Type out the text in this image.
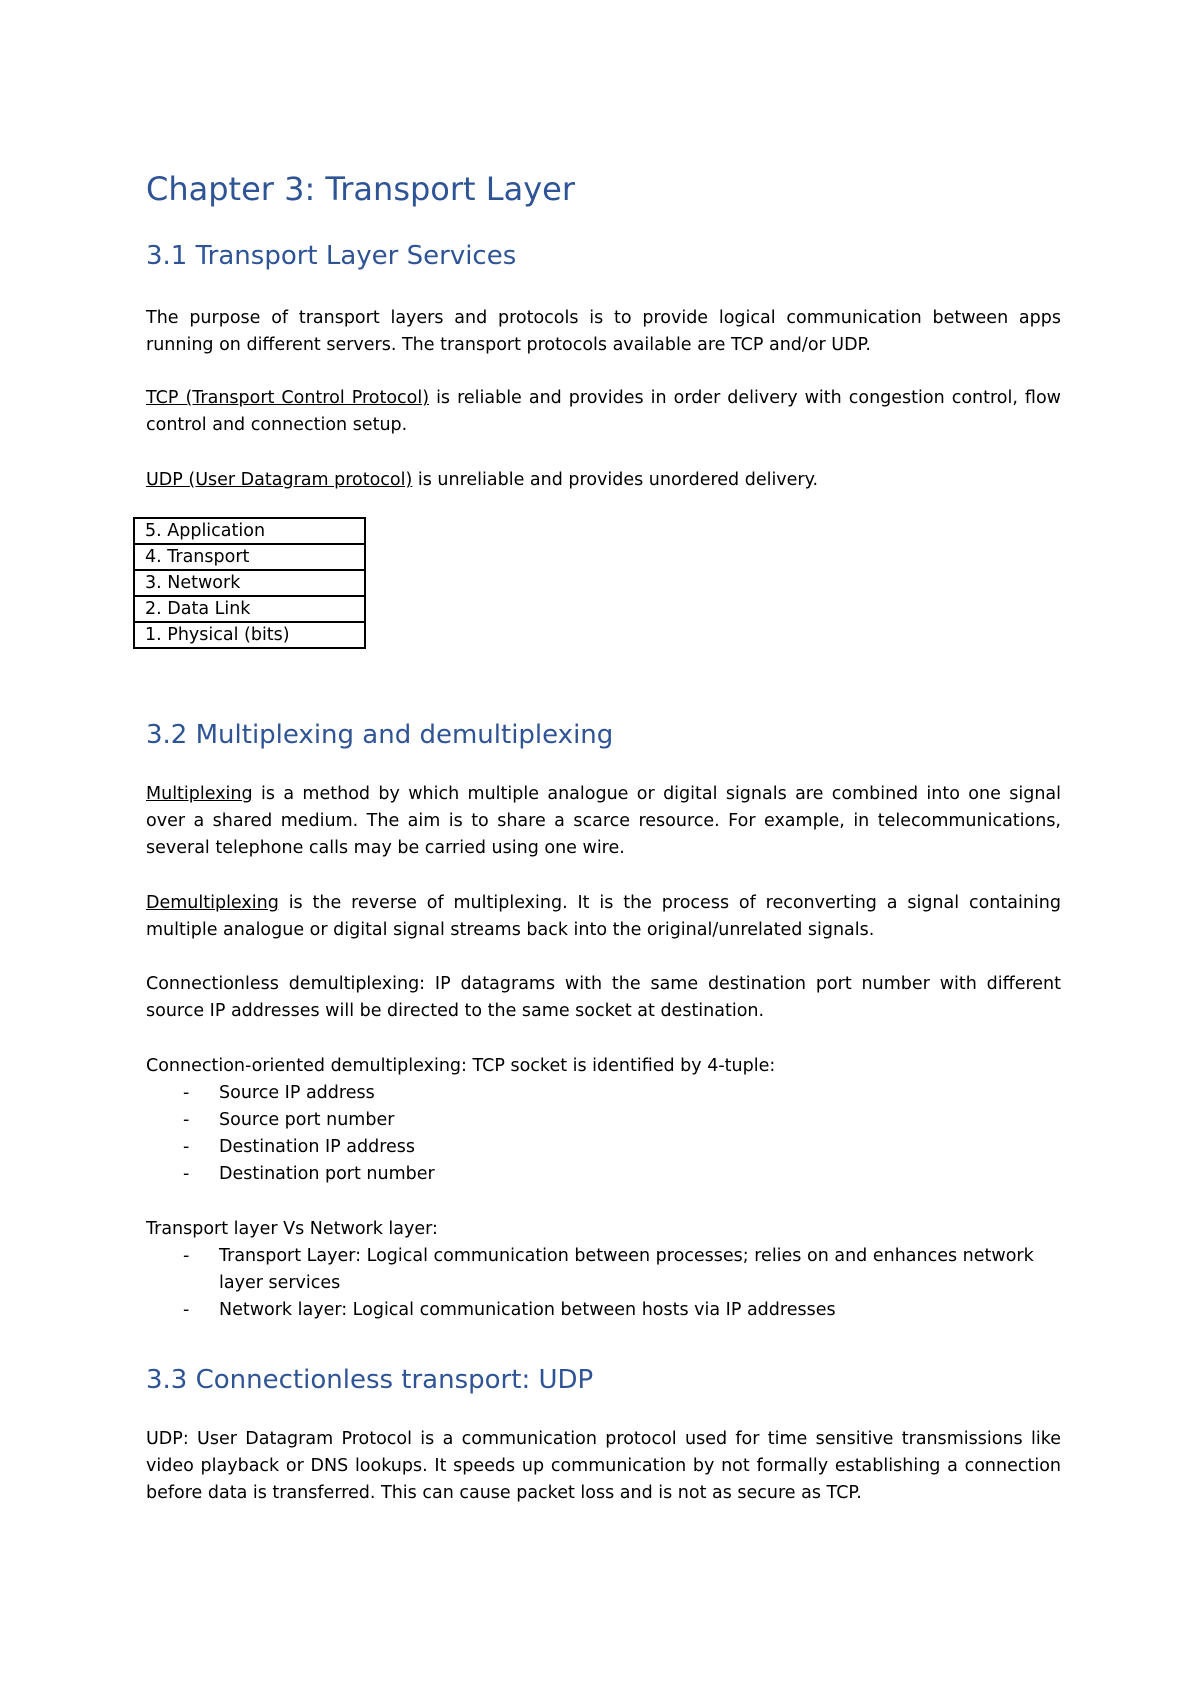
Chapter 3: Transport Layer
3.1 Transport Layer Services

The purpose of transport layers and protocols is to provide logical communication between apps running on different servers. The transport protocols available are TCP and/or UDP.

TCP (Transport Control Protocol) is reliable and provides in order delivery with congestion control, flow control and connection setup.

UDP (User Datagram protocol) is unreliable and provides unordered delivery.

5. Application
4. Transport
3. Network
2. Data Link
1. Physical (bits)
3.2 Multiplexing and demultiplexing

Multiplexing is a method by which multiple analogue or digital signals are combined into one signal over a shared medium. The aim is to share a scarce resource. For example, in telecommunications, several telephone calls may be carried using one wire.

Demultiplexing is the reverse of multiplexing. It is the process of reconverting a signal containing multiple analogue or digital signal streams back into the original/unrelated signals.

Connectionless demultiplexing: IP datagrams with the same destination port number with different source IP addresses will be directed to the same socket at destination.

Connection-oriented demultiplexing: TCP socket is identified by 4-tuple:

- Source IP address
- Source port number
- Destination IP address
- Destination port number

Transport layer Vs Network layer:

- Transport Layer: Logical communication between processes; relies on and enhances network layer services
- Network layer: Logical communication between hosts via IP addresses
3.3 Connectionless transport: UDP

UDP: User Datagram Protocol is a communication protocol used for time sensitive transmissions like video playback or DNS lookups. It speeds up communication by not formally establishing a connection before data is transferred. This can cause packet loss and is not as secure as TCP.
